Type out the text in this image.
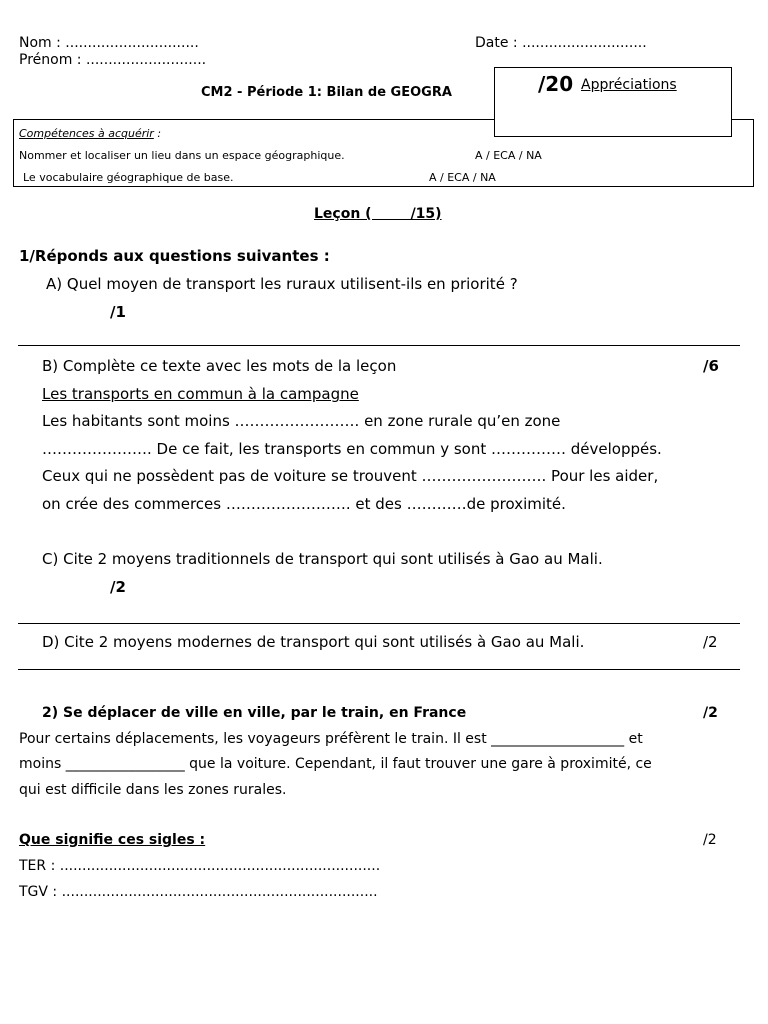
Nom : ..............................
Prénom : ...........................
Date : ............................
CM2 - Période 1: Bilan de GEOGRA
Compétences à acquérir :
Nommer et localiser un lieu dans un espace géographique.	A / ECA / NA
Le vocabulaire géographique de base.	A / ECA / NA
/20 Appréciations
Leçon (        /15)
1/Réponds aux questions suivantes :
A) Quel moyen de transport les ruraux utilisent-ils en priorité ?
/1
B) Complète ce texte avec les mots de la leçon	/6
Les transports en commun à la campagne
Les habitants sont moins ……………………. en zone rurale qu’en zone
…………………. De ce fait, les transports en commun y sont …………… développés.
Ceux qui ne possèdent pas de voiture se trouvent ……………………. Pour les aider,
on crée des commerces ……………………. et des …………de proximité.
C) Cite 2 moyens traditionnels de transport qui sont utilisés à Gao au Mali.
/2
D) Cite 2 moyens modernes de transport qui sont utilisés à Gao au Mali.	/2
2) Se déplacer de ville en ville, par le train, en France	/2
Pour certains déplacements, les voyageurs préfèrent le train. Il est ___________________ et
moins _________________ que la voiture. Cependant, il faut trouver une gare à proximité, ce
qui est difficile dans les zones rurales.
Que signifie ces sigles :	/2
TER : ........................................................................
TGV : .......................................................................
